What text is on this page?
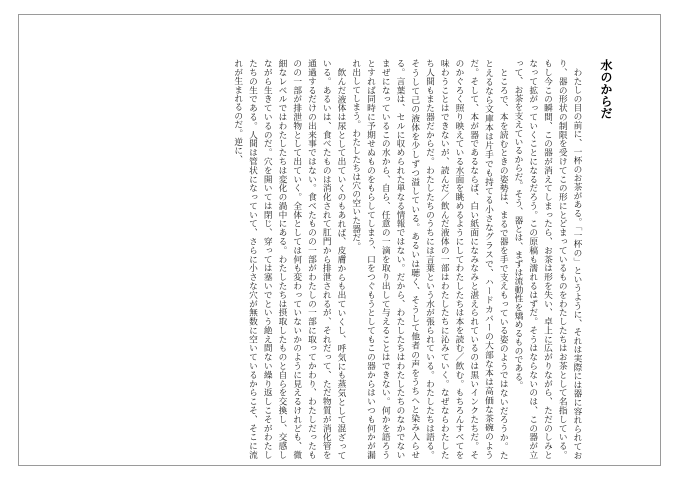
水のからだ

わたしの目の前に、一杯のお茶がある。「一杯の」というように、それは実際には器に容れられており、器の形状の制限を受けてこの形にとどまっているものをわたしたちはお茶として名指している。もし今この瞬間、この器が消えてしまったら、お茶は形を失い、卓上に広がりながら、ただのしみとなって拡がっていくことになるだろう。この原稿も濡れるはずだ。そうはならないのは、この器が立って、お茶を支えているからだ。そう、器とは、まずは流動性を矯めるものである。

ところで、本を読むときの姿勢は、まるで器を手で支えもっている姿のようではないだろうか。たとえるなら文庫本は片手でも持てる小さなグラスで、ハードカバーの大部な本は高価な茶碗のようだ。そして、本が器であるならば、白い紙面になみなみと湛えられているのは黒いインクたちだ。そのかぐろく照り映えている水面を眺めるようにしてわたしたちは本を読む／飲む。もちろんすべてを味わうことはできないが、読んだ／飲んだ液体の一部はわたしたちに沁みていく。なぜならわたしたち人間もまた器だからだ。わたしたちのうちには言葉という水が張られている。わたしたちは語る。そうして己の液体を少しずつ溢している。あるいは聴く、そうして他者の声をうちへと染み入らせる。言葉は、セルに収められた単なる情報ではない。だから、わたしたちはわたしたちのなかでないまぜになっているこの水から、自ら、任意の一滴を取り出して与えることはできない。何かを語ろうとすれば同時に予期せぬものをもらしてしまう、口をつぐもうとしてもこの器からはいつも何かが漏れ出してしまう。わたしたちは穴の空いた器だ。

飲んだ液体は尿として出ていくのもあれば、皮膚からも出ていくし、呼気にも蒸気として混ざっている。あるいは、食べたものは消化されて肛門から排泄されるが、それだって、ただ物質が消化管を通過するだけの出来事ではない。食べたものの一部がわたしの一部に取ってかわり、わたしだったものの一部が排泄物として出ていく。全体としては何も変わっていないかのように見えるけれども、微細なレベルではわたしたちは変化の渦中にある。わたしたちは摂取したものと自らを交換し、交感しながら生きているのだ。穴を開いては閉じ、穿っては塞いでという絶え間ない繰り返しこそがわたしたちの生である。人間は管状になっていて、さらに小さな穴が無数に空いているからこそ、そこに流れが生まれるのだ。逆に、
